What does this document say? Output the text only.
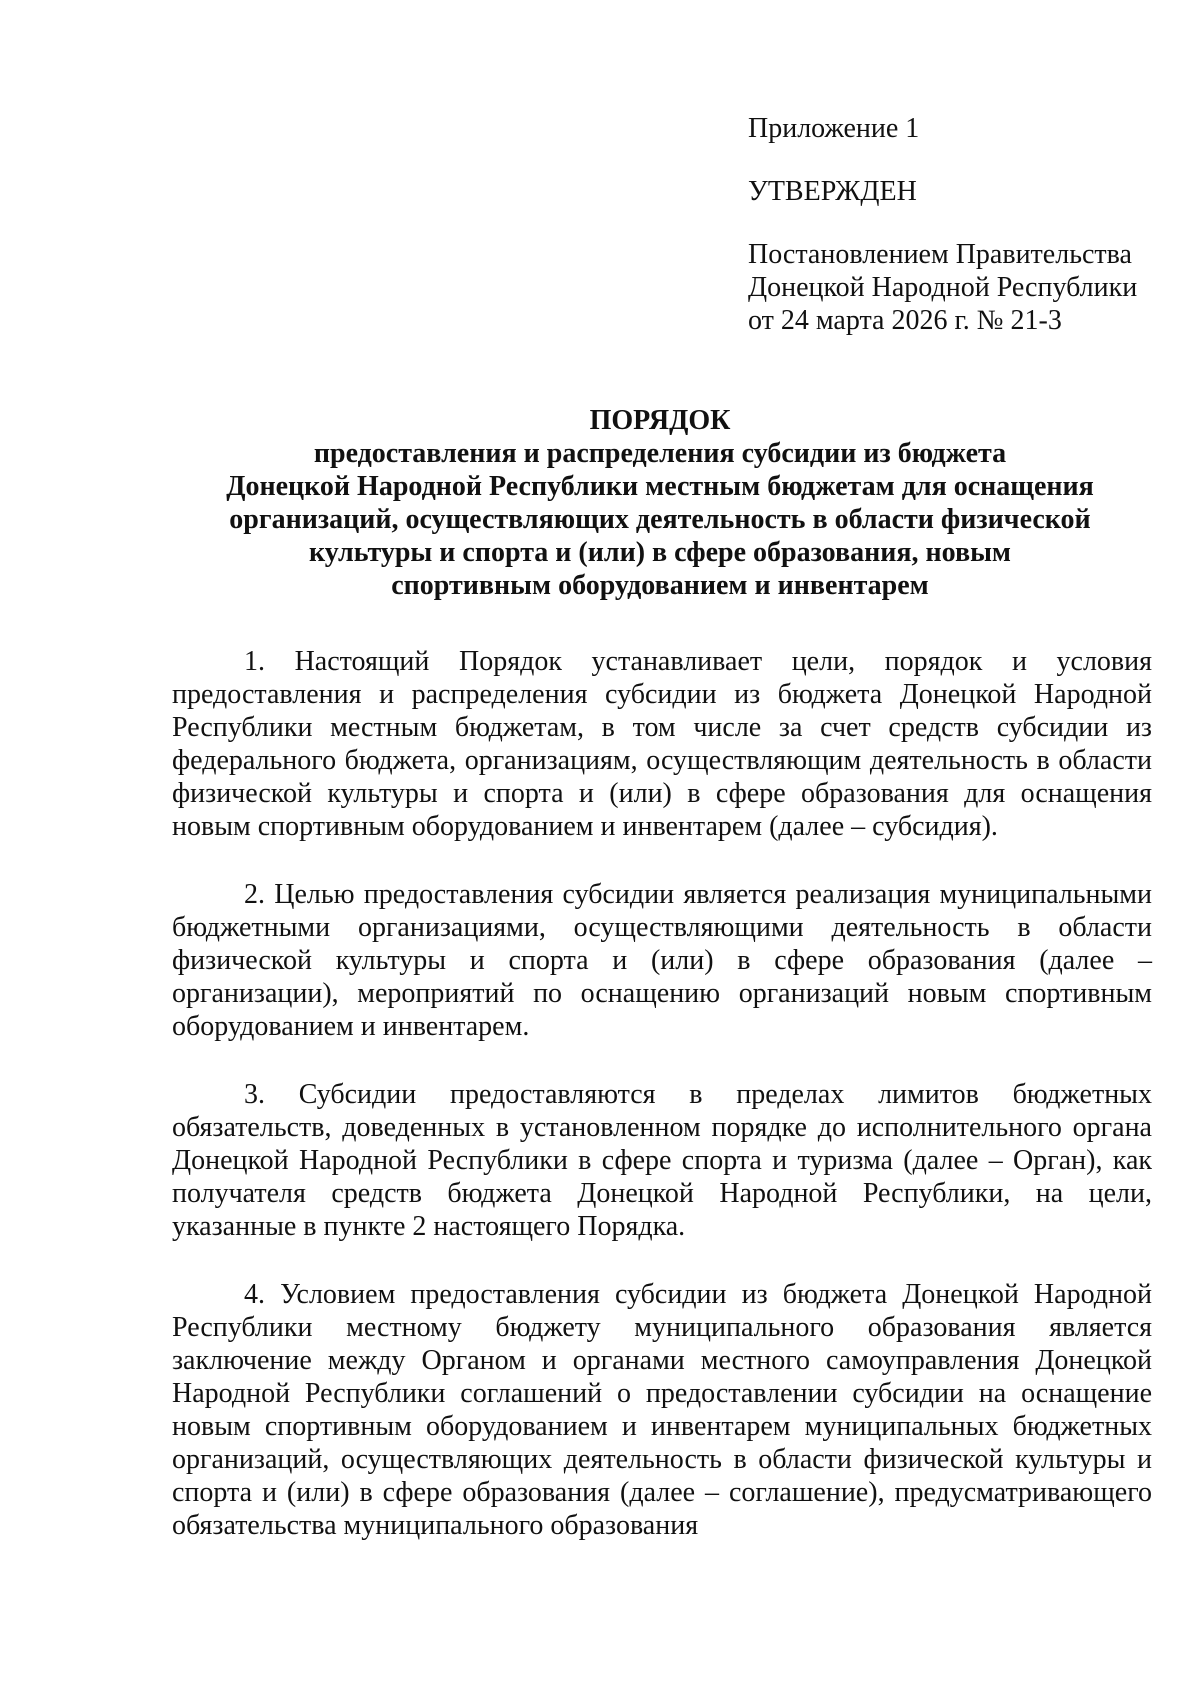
Приложение 1
УТВЕРЖДЕН
Постановлением Правительства
Донецкой Народной Республики
от 24 марта 2026 г. № 21-3
ПОРЯДОК
предоставления и распределения субсидии из бюджета
Донецкой Народной Республики местным бюджетам для оснащения
организаций, осуществляющих деятельность в области физической
культуры и спорта и (или) в сфере образования, новым
спортивным оборудованием и инвентарем

1. Настоящий Порядок устанавливает цели, порядок и условия предоставления и распределения субсидии из бюджета Донецкой Народной Республики местным бюджетам, в том числе за счет средств субсидии из федерального бюджета, организациям, осуществляющим деятельность в области физической культуры и спорта и (или) в сфере образования для оснащения новым спортивным оборудованием и инвентарем (далее – субсидия).

2. Целью предоставления субсидии является реализация муниципальными бюджетными организациями, осуществляющими деятельность в области физической культуры и спорта и (или) в сфере образования (далее – организации), мероприятий по оснащению организаций новым спортивным оборудованием и инвентарем.

3. Субсидии предоставляются в пределах лимитов бюджетных обязательств, доведенных в установленном порядке до исполнительного органа Донецкой Народной Республики в сфере спорта и туризма (далее – Орган), как получателя средств бюджета Донецкой Народной Республики, на цели, указанные в пункте 2 настоящего Порядка.

4. Условием предоставления субсидии из бюджета Донецкой Народной Республики местному бюджету муниципального образования является заключение между Органом и органами местного самоуправления Донецкой Народной Республики соглашений о предоставлении субсидии на оснащение новым спортивным оборудованием и инвентарем муниципальных бюджетных организаций, осуществляющих деятельность в области физической культуры и спорта и (или) в сфере образования (далее – соглашение), предусматривающего обязательства муниципального образования
